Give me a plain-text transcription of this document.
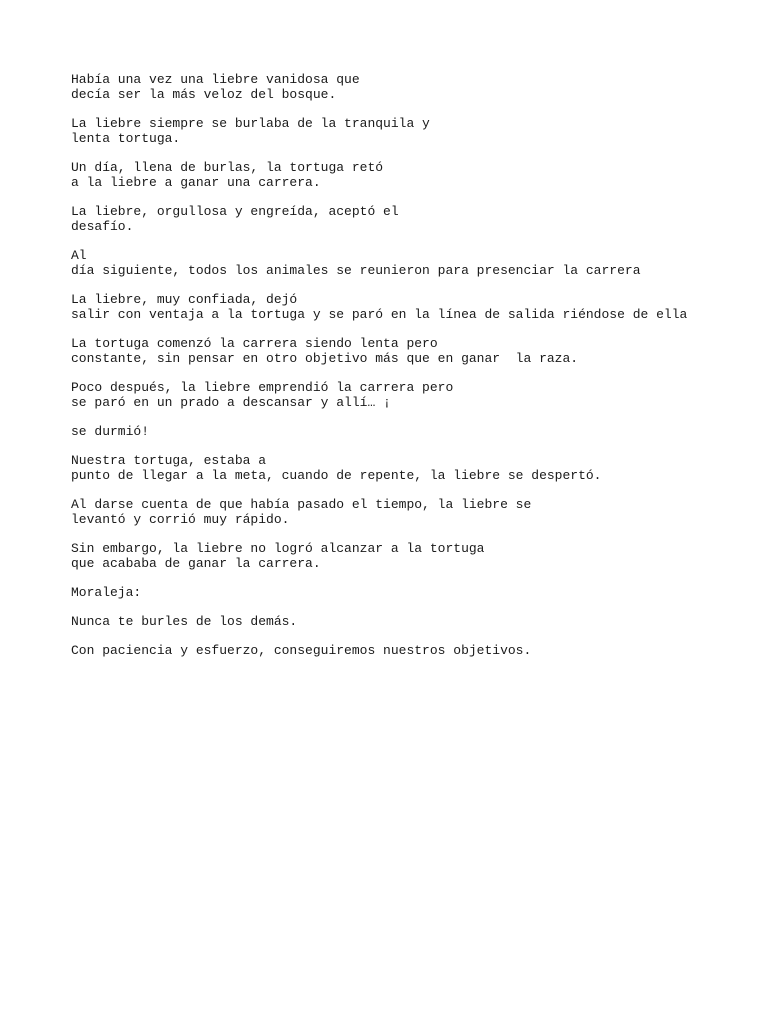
Había una vez una liebre vanidosa que
decía ser la más veloz del bosque.

La liebre siempre se burlaba de la tranquila y
lenta tortuga.

Un día, llena de burlas, la tortuga retó
a la liebre a ganar una carrera.

La liebre, orgullosa y engreída, aceptó el
desafío.

Al
día siguiente, todos los animales se reunieron para presenciar la carrera

La liebre, muy confiada, dejó
salir con ventaja a la tortuga y se paró en la línea de salida riéndose de ella

La tortuga comenzó la carrera siendo lenta pero
constante, sin pensar en otro objetivo más que en ganar  la raza.

Poco después, la liebre emprendió la carrera pero
se paró en un prado a descansar y allí… ¡

se durmió!

Nuestra tortuga, estaba a
punto de llegar a la meta, cuando de repente, la liebre se despertó.

Al darse cuenta de que había pasado el tiempo, la liebre se
levantó y corrió muy rápido.

Sin embargo, la liebre no logró alcanzar a la tortuga
que acababa de ganar la carrera.

Moraleja:

Nunca te burles de los demás.

Con paciencia y esfuerzo, conseguiremos nuestros objetivos.
